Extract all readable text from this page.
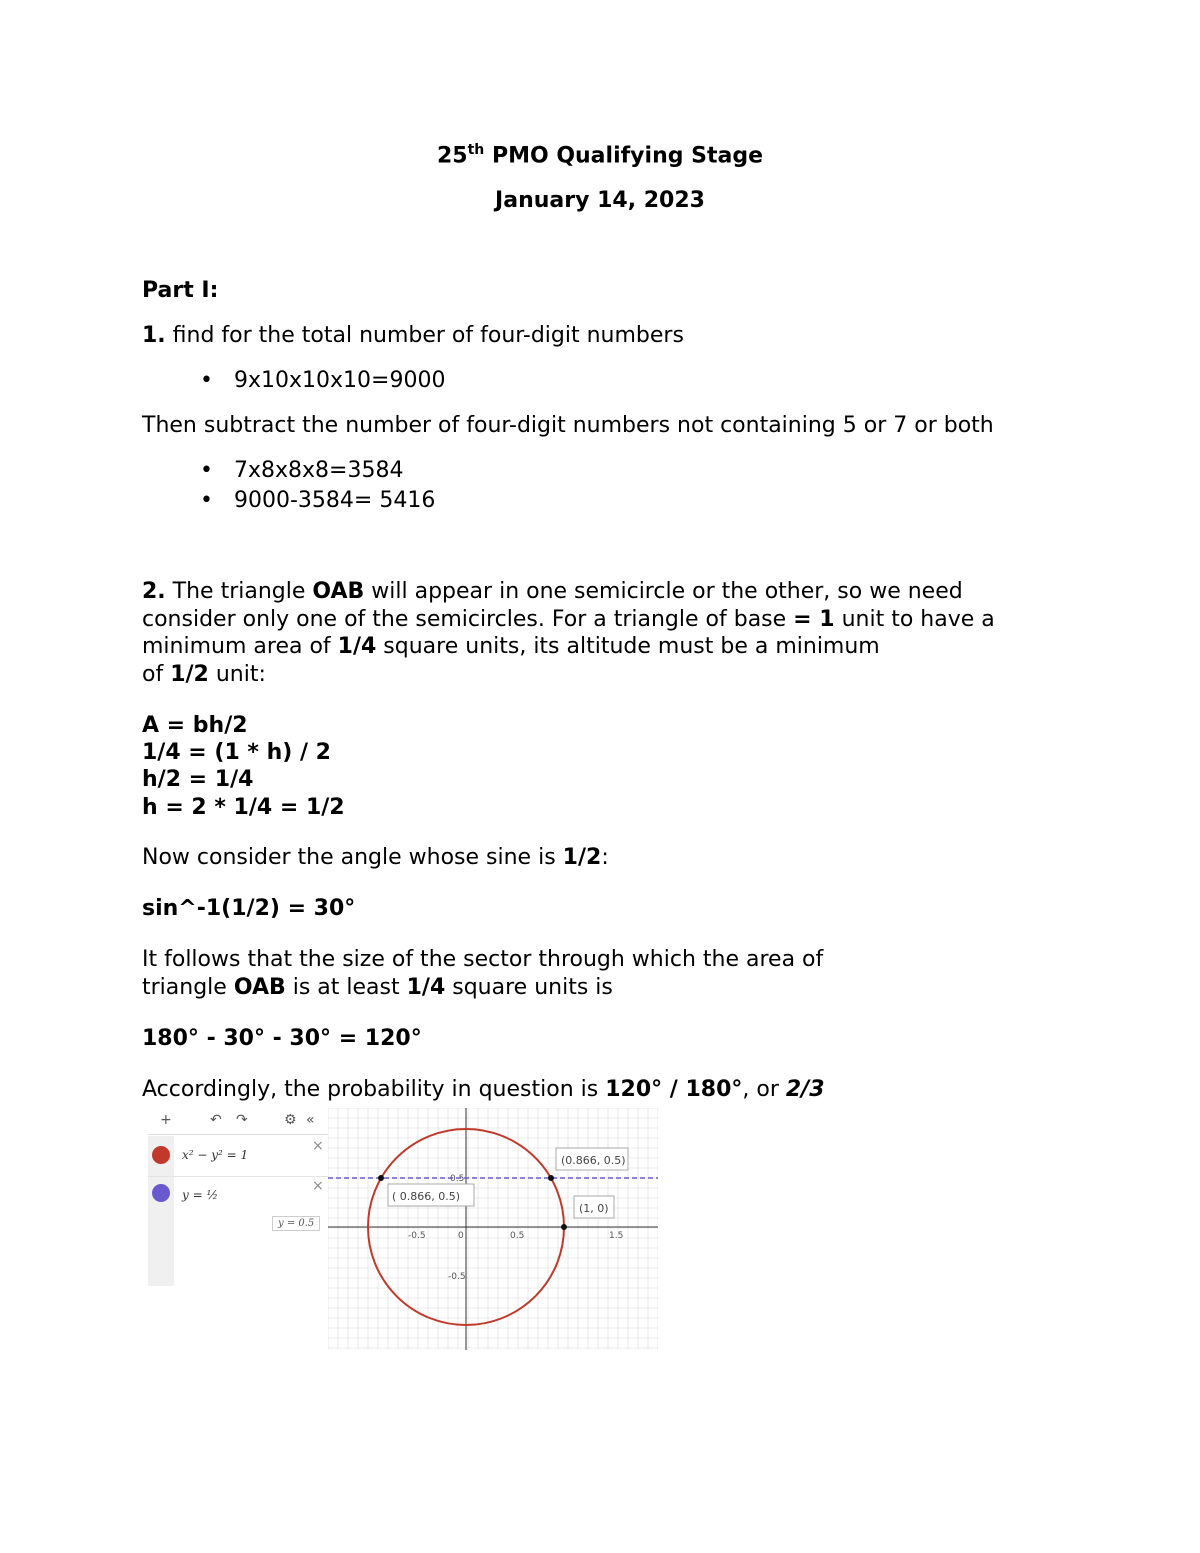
25th PMO Qualifying Stage
January 14, 2023
Part I:
1. find for the total number of four-digit numbers
• 9x10x10x10=9000
Then subtract the number of four-digit numbers not containing 5 or 7 or both
• 7x8x8x8=3584
• 9000-3584= 5416
2. The triangle OAB will appear in one semicircle or the other, so we need
consider only one of the semicircles. For a triangle of base = 1 unit to have a
minimum area of 1/4 square units, its altitude must be a minimum
of 1/2 unit:
A = bh/2
1/4 = (1 * h) / 2
h/2 = 1/4
h = 2 * 1/4 = 1/2
Now consider the angle whose sine is 1/2:
sin^-1(1/2) = 30°
It follows that the size of the sector through which the area of
triangle OAB is at least 1/4 square units is
180° - 30° - 30° = 120°
Accordingly, the probability in question is 120° / 180°, or 2/3
+	↶ ↷	⚙ «
x² − y² = 1
×
y = ½
×
y = 0.5
(0.866, 0.5)
( 0.866, 0.5)
(1, 0)
-0.5	0	0.5	1.5
0.5
-0.5
